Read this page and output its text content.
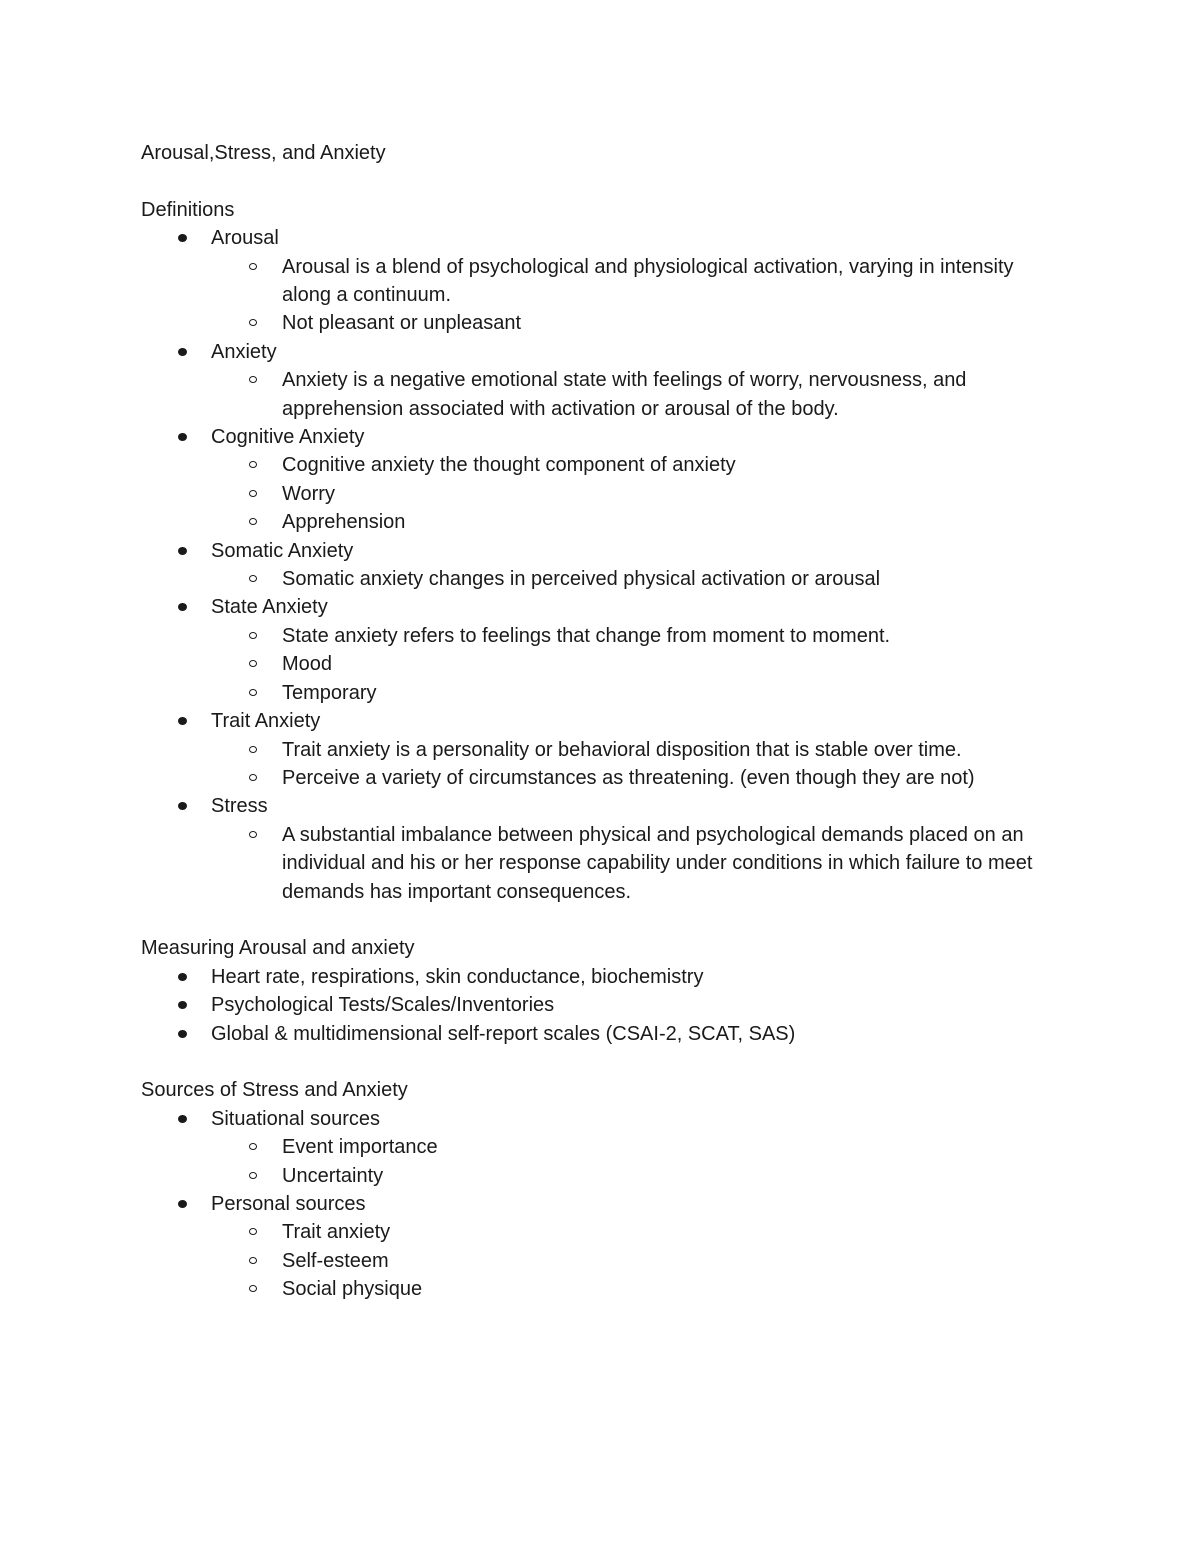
Arousal,Stress, and Anxiety
Definitions
Arousal
Arousal is a blend of psychological and physiological activation, varying in intensity along a continuum.
Not pleasant or unpleasant
Anxiety
Anxiety is a negative emotional state with feelings of worry, nervousness, and apprehension associated with activation or arousal of the body.
Cognitive Anxiety
Cognitive anxiety the thought component of anxiety
Worry
Apprehension
Somatic Anxiety
Somatic anxiety changes in perceived physical activation or arousal
State Anxiety
State anxiety refers to feelings that change from moment to moment.
Mood
Temporary
Trait Anxiety
Trait anxiety is a personality or behavioral disposition that is stable over time.
Perceive a variety of circumstances as threatening. (even though they are not)
Stress
A substantial imbalance between physical and psychological demands placed on an individual and his or her response capability under conditions in which failure to meet demands has important consequences.
Measuring Arousal and anxiety
Heart rate, respirations, skin conductance, biochemistry
Psychological Tests/Scales/Inventories
Global & multidimensional self-report scales (CSAI-2, SCAT, SAS)
Sources of Stress and Anxiety
Situational sources
Event importance
Uncertainty
Personal sources
Trait anxiety
Self-esteem
Social physique
